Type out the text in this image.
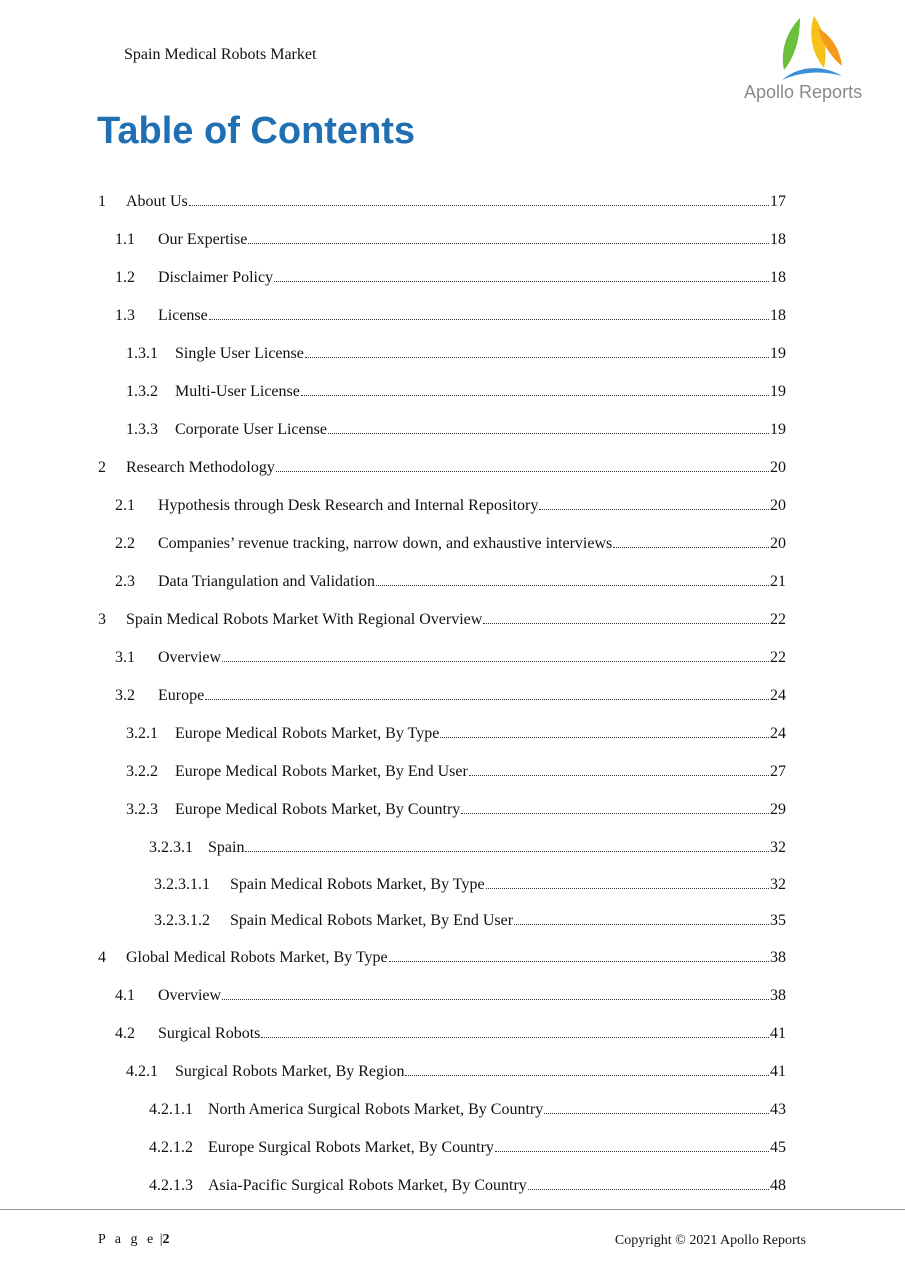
Spain Medical Robots Market
Apollo Reports
Table of Contents
1	About Us	17
1.1	Our Expertise	18
1.2	Disclaimer Policy	18
1.3	License	18
1.3.1	Single User License	19
1.3.2	Multi-User License	19
1.3.3	Corporate User License	19
2	Research Methodology	20
2.1	Hypothesis through Desk Research and Internal Repository	20
2.2	Companies’ revenue tracking, narrow down, and exhaustive interviews	20
2.3	Data Triangulation and Validation	21
3	Spain Medical Robots Market With Regional Overview	22
3.1	Overview	22
3.2	Europe	24
3.2.1	Europe Medical Robots Market, By Type	24
3.2.2	Europe Medical Robots Market, By End User	27
3.2.3	Europe Medical Robots Market, By Country	29
3.2.3.1 Spain	32
3.2.3.1.1	Spain Medical Robots Market, By Type	32
3.2.3.1.2	Spain Medical Robots Market, By End User	35
4	Global Medical Robots Market, By Type	38
4.1	Overview	38
4.2	Surgical Robots	41
4.2.1	Surgical Robots Market, By Region	41
4.2.1.1 North America Surgical Robots Market, By Country	43
4.2.1.2 Europe Surgical Robots Market, By Country	45
4.2.1.3 Asia-Pacific Surgical Robots Market, By Country	48
P a g e |2	Copyright © 2021 Apollo Reports
